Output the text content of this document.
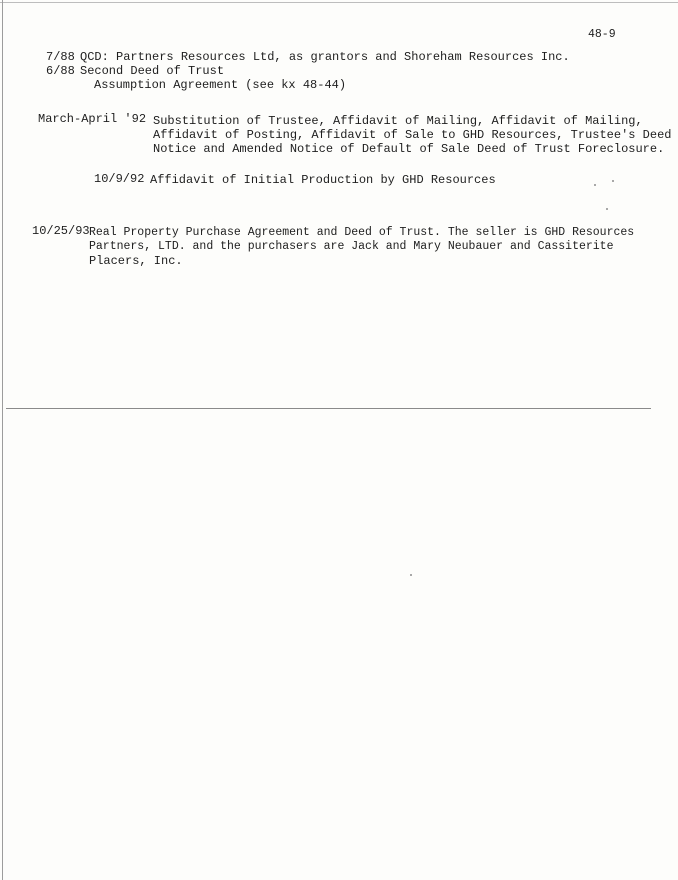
48-9
7/88 QCD: Partners Resources Ltd, as grantors and Shoreham Resources Inc.
6/88 Second Deed of Trust
Assumption Agreement (see kx 48-44)
March-April '92 Substitution of Trustee, Affidavit of Mailing, Affidavit of Mailing,
Affidavit of Posting, Affidavit of Sale to GHD Resources, Trustee's Deed
Notice and Amended Notice of Default of Sale Deed of Trust Foreclosure.
10/9/92 Affidavit of Initial Production by GHD Resources
10/25/93 Real Property Purchase Agreement and Deed of Trust. The seller is GHD Resources
Partners, LTD. and the purchasers are Jack and Mary Neubauer and Cassiterite
Placers, Inc.
